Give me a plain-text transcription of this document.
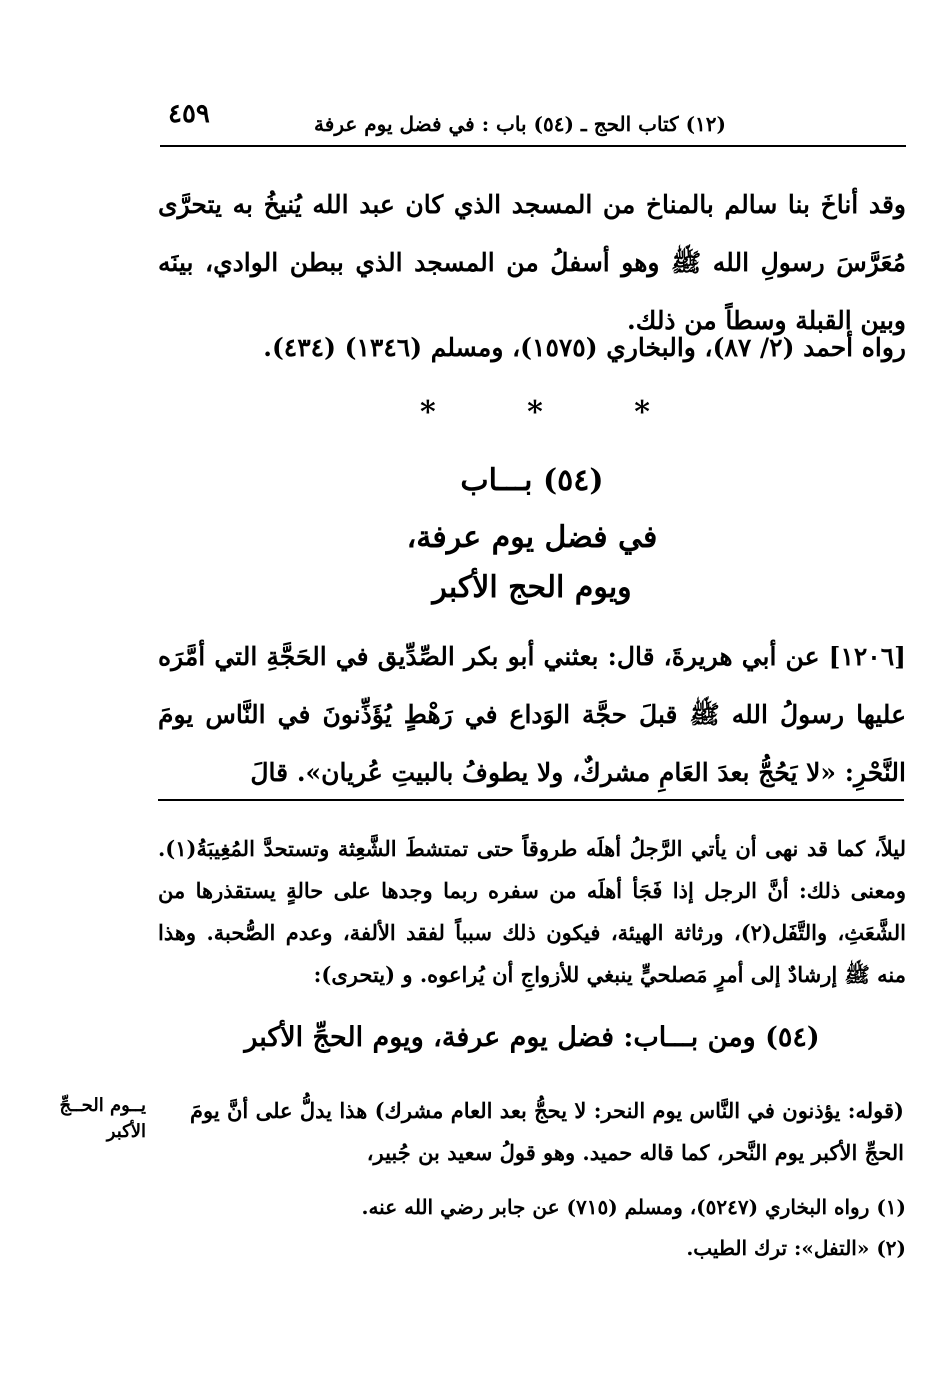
٤٥٩	(١٢) كتاب الحج ـ (٥٤) باب : في فضل يوم عرفة
وقد أناخَ بنا سالم بالمناخ من المسجد الذي كان عبد الله يُنيخُ به يتحرَّى مُعَرَّسَ رسولِ الله ﷺ وهو أسفلُ من المسجد الذي ببطن الوادي، بينَه وبين القبلة وسطاً من ذلك.
رواه أحمد (٢/ ٨٧)، والبخاري (١٥٧٥)، ومسلم (١٣٤٦) (٤٣٤).
*	*	*
(٥٤) بـــاب
في فضل يوم عرفة،
ويوم الحج الأكبر
[١٢٠٦] عن أبي هريرةَ، قال: بعثني أبو بكر الصِّدِّيق في الحَجَّةِ التي أمَّرَه عليها رسولُ الله ﷺ قبلَ حجَّة الوَداع في رَهْطٍ يُؤَذِّنونَ في النَّاس يومَ النَّحْرِ: «لا يَحُجُّ بعدَ العَامِ مشركٌ، ولا يطوفُ بالبيتِ عُريان». قالَ
ليلاً، كما قد نهى أن يأتي الرَّجلُ أهلَه طروقاً حتى تمتشطَ الشَّعِثة وتستحدَّ المُغِيبَةُ(١). ومعنى ذلك: أنَّ الرجل إذا فَجَأ أهلَه من سفره ربما وجدها على حالةٍ يستقذرها من الشَّعَثِ، والتَّفَل(٢)، ورثاثة الهيئة، فيكون ذلك سبباً لفقد الألفة، وعدم الصُّحبة. وهذا منه ﷺ إرشادٌ إلى أمرٍ مَصلحيٍّ ينبغي للأزواجِ أن يُراعوه. و (يتحرى):
(٥٤) ومن بـــاب: فضل يوم عرفة، ويوم الحجِّ الأكبر
(قوله: يؤذنون في النَّاس يوم النحر: لا يحجُّ بعد العام مشرك) هذا يدلُّ على أنَّ يومَ الحجِّ الأكبر يوم النَّحر، كما قاله حميد. وهو قولُ سعيد بن جُبير،
يــوم الحــجِّ الأكبر
(١) رواه البخاري (٥٢٤٧)، ومسلم (٧١٥) عن جابر رضي الله عنه.
(٢) «التفل»: ترك الطيب.
